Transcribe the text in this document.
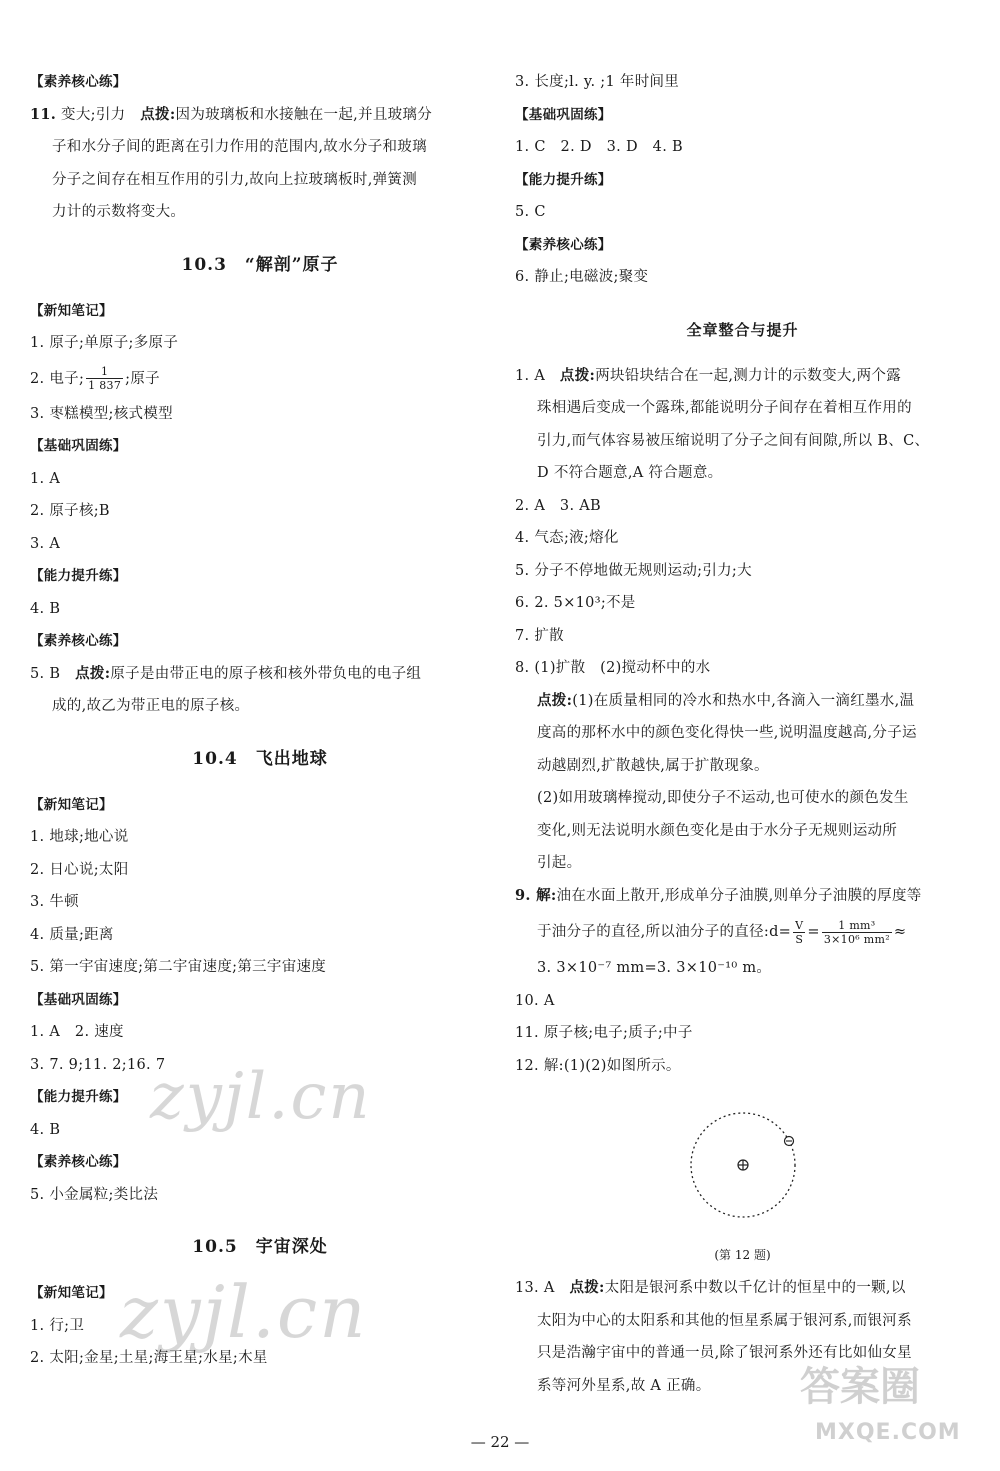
【素养核心练】
11. 变大;引力　点拨:因为玻璃板和水接触在一起,并且玻璃分
子和水分子间的距离在引力作用的范围内,故水分子和玻璃
分子之间存在相互作用的引力,故向上拉玻璃板时,弹簧测
力计的示数将变大。
10.3　“解剖”原子
【新知笔记】
1. 原子;单原子;多原子
2. 电子; $\frac{1}{1 837}$ ;原子
3. 枣糕模型;核式模型
【基础巩固练】
1. A
2. 原子核;B
3. A
【能力提升练】
4. B
【素养核心练】
5. B　点拨:原子是由带正电的原子核和核外带负电的电子组
成的,故乙为带正电的原子核。
10.4　飞出地球
【新知笔记】
1. 地球;地心说
2. 日心说;太阳
3. 牛顿
4. 质量;距离
5. 第一宇宙速度;第二宇宙速度;第三宇宙速度
【基础巩固练】
1. A　2. 速度
3. 7. 9;11. 2;16. 7
【能力提升练】
4. B
【素养核心练】
5. 小金属粒;类比法
10.5　宇宙深处
【新知笔记】
1. 行;卫
2. 太阳;金星;土星;海王星;水星;木星
3. 长度;l. y. ;1 年时间里
【基础巩固练】
1. C　2. D　3. D　4. B
【能力提升练】
5. C
【素养核心练】
6. 静止;电磁波;聚变
全章整合与提升
1. A　点拨:两块铅块结合在一起,测力计的示数变大,两个露
珠相遇后变成一个露珠,都能说明分子间存在着相互作用的
引力,而气体容易被压缩说明了分子之间有间隙,所以 B、C、
D 不符合题意,A 符合题意。
2. A　3. AB
4. 气态;液;熔化
5. 分子不停地做无规则运动;引力;大
6. 2. 5×10³;不是
7. 扩散
8. (1)扩散　(2)搅动杯中的水
点拨:(1)在质量相同的冷水和热水中,各滴入一滴红墨水,温
度高的那杯水中的颜色变化得快一些,说明温度越高,分子运
动越剧烈,扩散越快,属于扩散现象。
(2)如用玻璃棒搅动,即使分子不运动,也可使水的颜色发生
变化,则无法说明水颜色变化是由于水分子无规则运动所
引起。
9. 解:油在水面上散开,形成单分子油膜,则单分子油膜的厚度等
于油分子的直径,所以油分子的直径:d= $\frac{V}{S} = \frac{\text{1 mm³}}{\text{3×10⁶ mm²}}$ ≈
3. 3×10⁻⁷ mm=3. 3×10⁻¹⁰ m。
10. A
11. 原子核;电子;质子;中子
12. 解:(1)(2)如图所示。
(第 12 题)
13. A　点拨:太阳是银河系中数以千亿计的恒星中的一颗,以
太阳为中心的太阳系和其他的恒星系属于银河系,而银河系
只是浩瀚宇宙中的普通一员,除了银河系外还有比如仙女星
系等河外星系,故 A 正确。
zyjl.cn
zyjl.cn
答案圈
MXQE.COM
— 22 —
